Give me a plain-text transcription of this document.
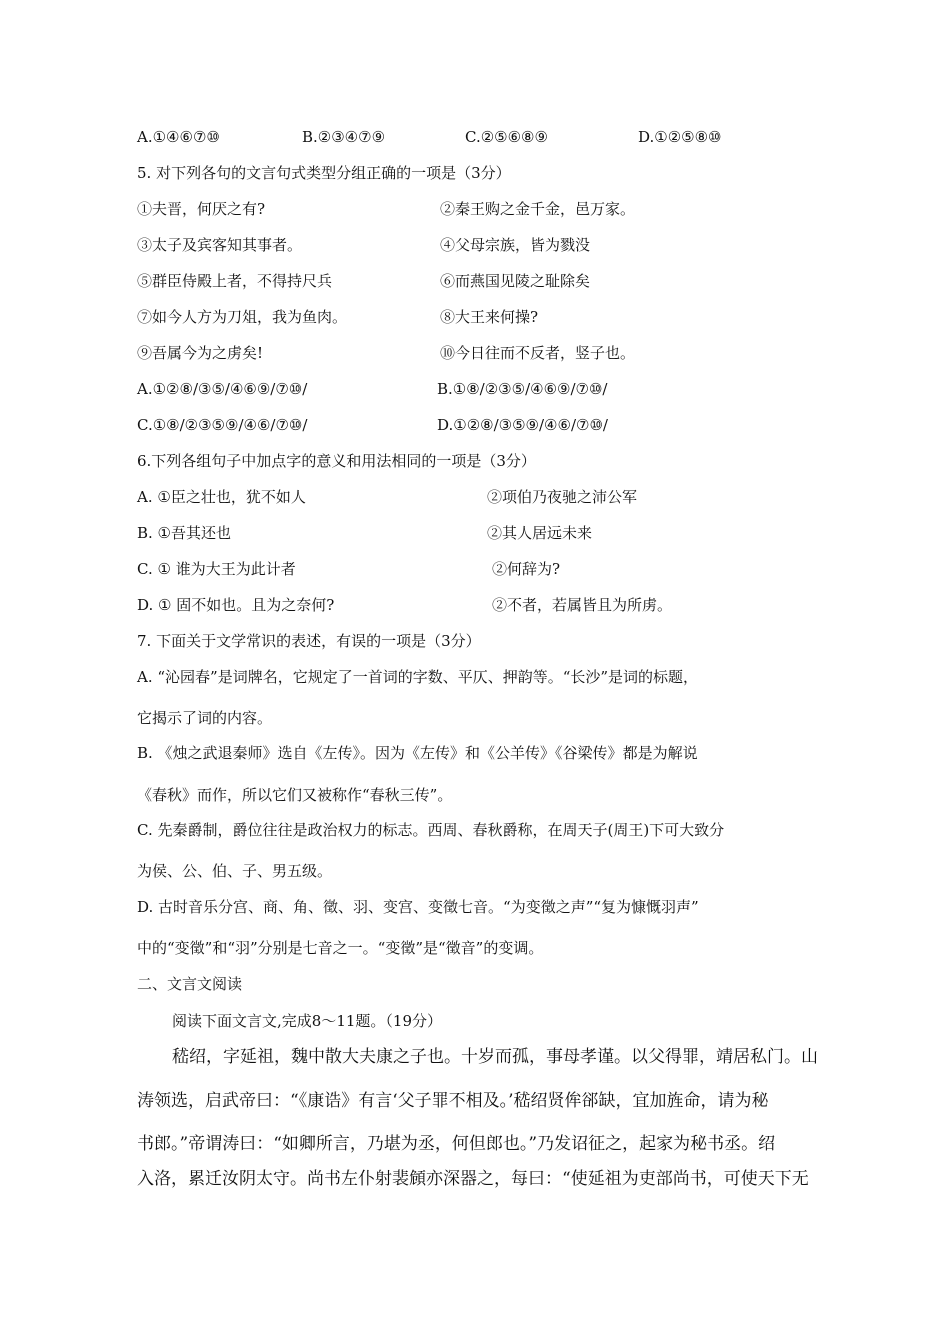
A.①④⑥⑦⑩	B.②③④⑦⑨	C.②⑤⑥⑧⑨	D.①②⑤⑧⑩
5. 对下列各句的文言句式类型分组正确的一项是（3分）
①夫晋，何厌之有?	②秦王购之金千金，邑万家。
③太子及宾客知其事者。	④父母宗族，皆为戮没
⑤群臣侍殿上者，不得持尺兵	⑥而燕国见陵之耻除矣
⑦如今人方为刀俎，我为鱼肉。	⑧大王来何操?
⑨吾属今为之虏矣!	⑩今日往而不反者，竖子也。
A.①②⑧/③⑤/④⑥⑨/⑦⑩/	B.①⑧/②③⑤/④⑥⑨/⑦⑩/
C.①⑧/②③⑤⑨/④⑥/⑦⑩/	D.①②⑧/③⑤⑨/④⑥/⑦⑩/
6.下列各组句子中加点字的意义和用法相同的一项是（3分）
A. ①臣之壮也，犹不如人	②项伯乃夜驰之沛公军
B. ①吾其还也	②其人居远未来
C. ① 谁为大王为此计者	②何辞为?
D. ① 固不如也。且为之奈何?	②不者，若属皆且为所虏。
7. 下面关于文学常识的表述，有误的一项是（3分）
A. “沁园春”是词牌名，它规定了一首词的字数、平仄、押韵等。“长沙”是词的标题，
它揭示了词的内容。
B. 《烛之武退秦师》选自《左传》。因为《左传》和《公羊传》《谷梁传》都是为解说
《春秋》而作，所以它们又被称作“春秋三传”。
C. 先秦爵制，爵位往往是政治权力的标志。西周、春秋爵称，在周天子(周王)下可大致分
为侯、公、伯、子、男五级。
D. 古时音乐分宫、商、角、徵、羽、变宫、变徵七音。“为变徵之声”“复为慷慨羽声”
中的“变徵”和“羽”分别是七音之一。“变徵”是“徵音”的变调。
二、文言文阅读
阅读下面文言文,完成8～11题。（19分）
嵇绍，字延祖，魏中散大夫康之子也。十岁而孤，事母孝谨。以父得罪，靖居私门。山
涛领选，启武帝曰：“《康诰》有言‘父子罪不相及。’嵇绍贤侔郤缺，宜加旌命，请为秘
书郎。”帝谓涛曰：“如卿所言，乃堪为丞，何但郎也。”乃发诏征之，起家为秘书丞。绍
入洛，累迁汝阴太守。尚书左仆射裴頠亦深器之，每曰：“使延祖为吏部尚书，可使天下无
